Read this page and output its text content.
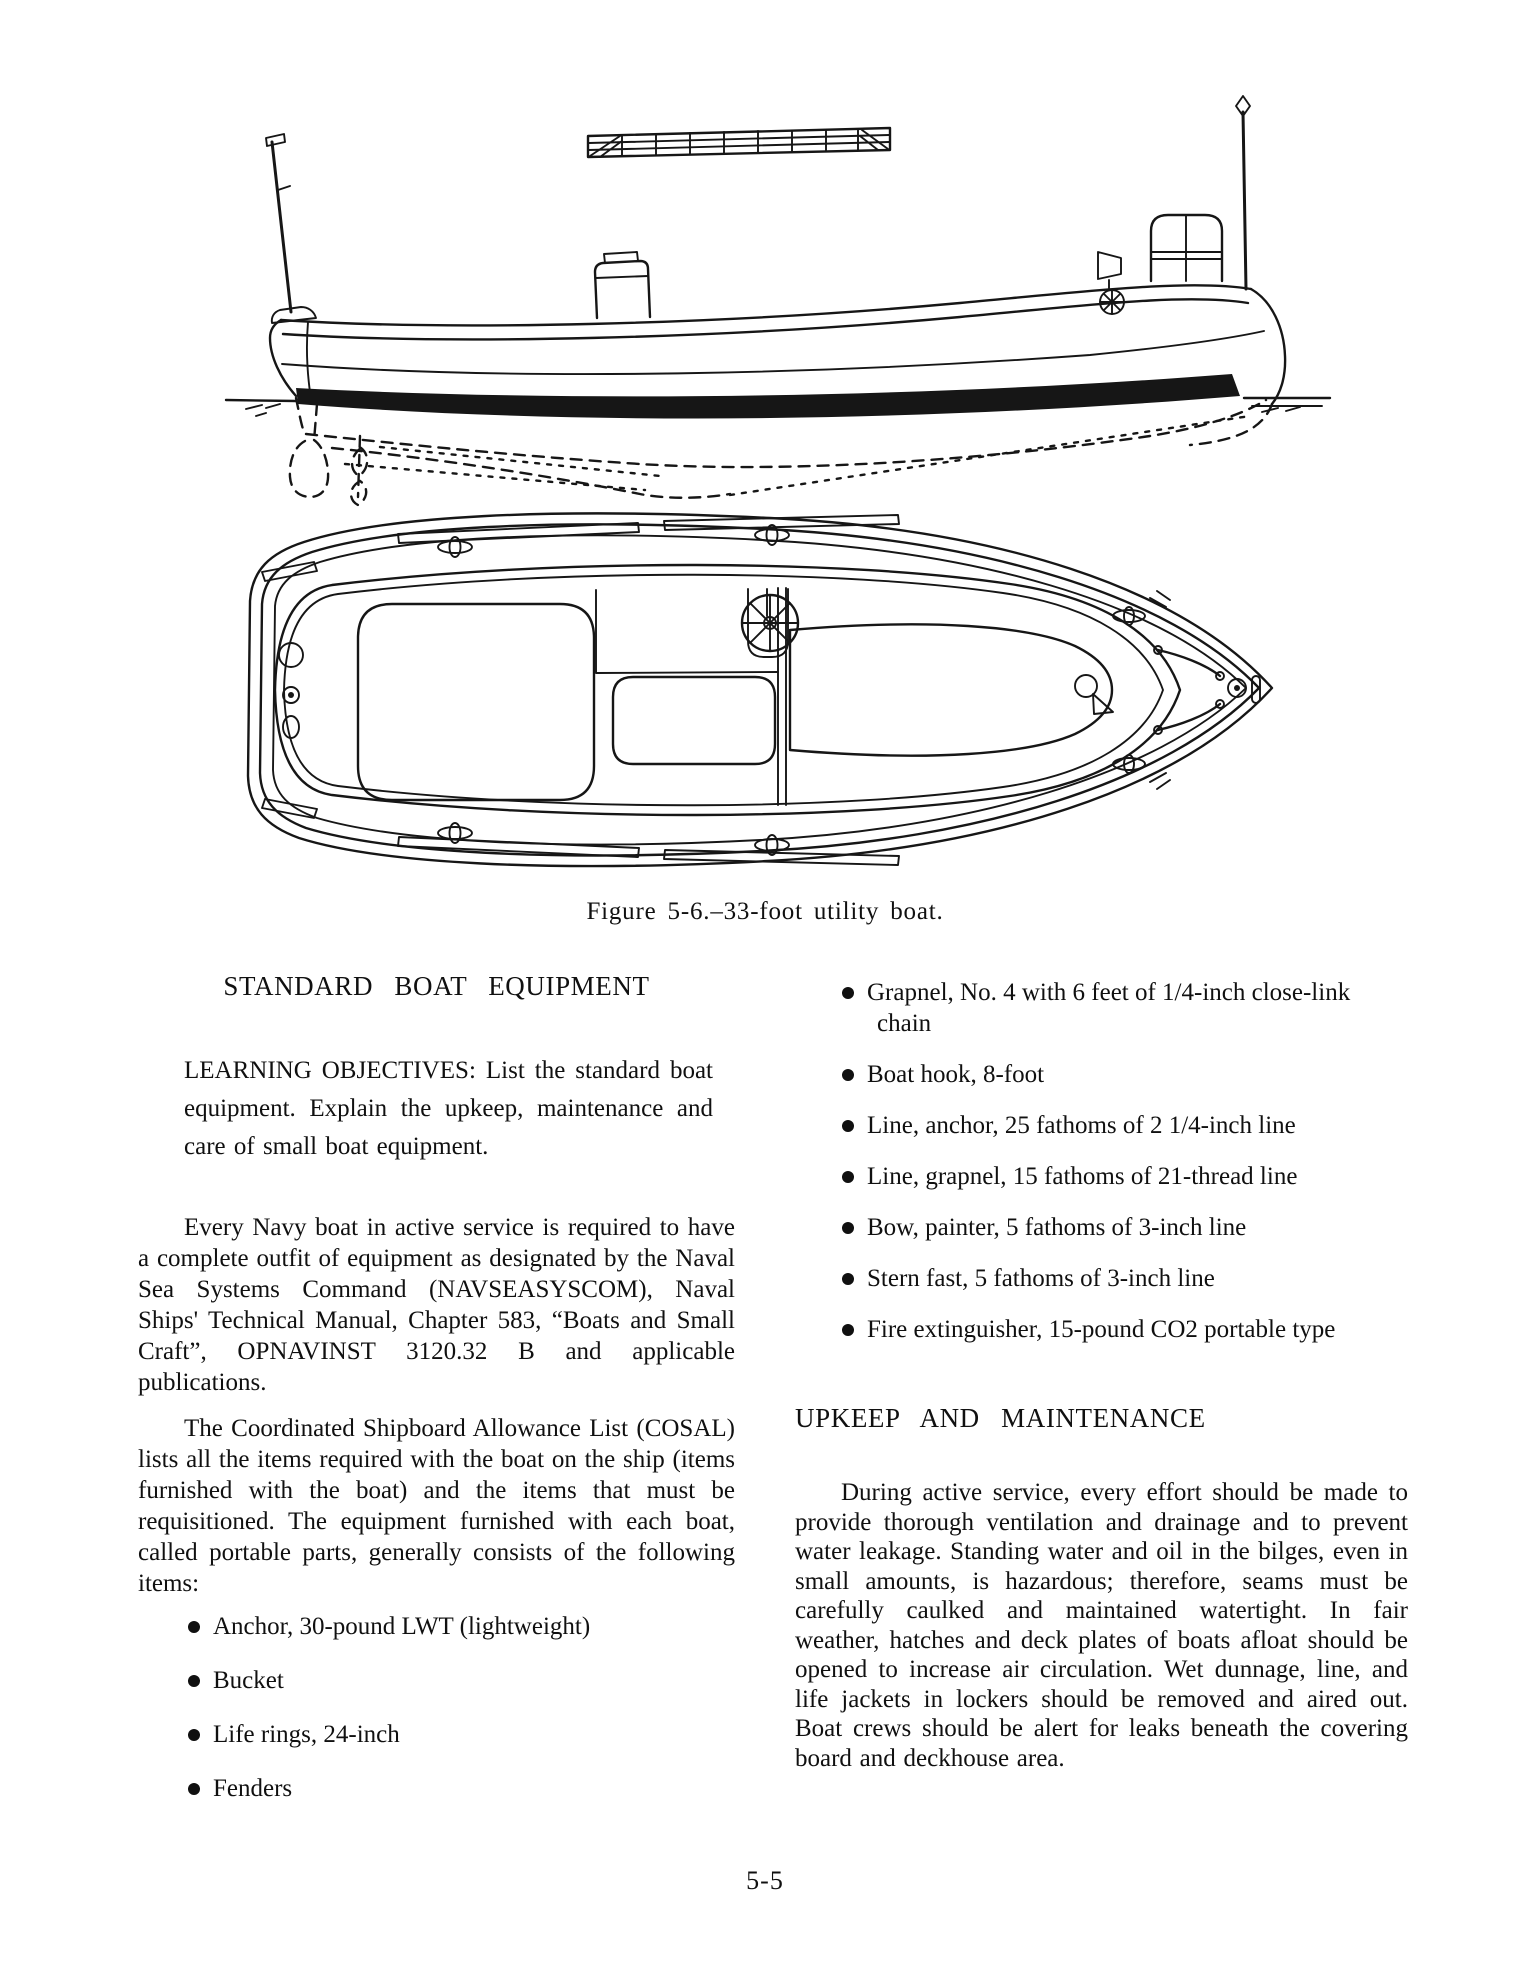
Figure 5-6.–33-foot utility boat.
STANDARD BOAT EQUIPMENT

LEARNING OBJECTIVES: List the standard boat equipment. Explain the upkeep, maintenance and care of small boat equipment.

Every Navy boat in active service is required to have a complete outfit of equipment as designated by the Naval Sea Systems Command (NAVSEASYSCOM), Naval Ships' Technical Manual, Chapter 583, “Boats and Small Craft”, OPNAVINST 3120.32 B and applicable publications.

The Coordinated Shipboard Allowance List (COSAL) lists all the items required with the boat on the ship (items furnished with the boat) and the items that must be requisitioned. The equipment furnished with each boat, called portable parts, generally consists of the following items:

Anchor, 30-pound LWT (lightweight)
Bucket
Life rings, 24-inch
Fenders
Grapnel, No. 4 with 6 feet of 1/4-inch close-link chain
Boat hook, 8-foot
Line, anchor, 25 fathoms of 2 1/4-inch line
Line, grapnel, 15 fathoms of 21-thread line
Bow, painter, 5 fathoms of 3-inch line
Stern fast, 5 fathoms of 3-inch line
Fire extinguisher, 15-pound CO2 portable type
UPKEEP AND MAINTENANCE

During active service, every effort should be made to provide thorough ventilation and drainage and to prevent water leakage. Standing water and oil in the bilges, even in small amounts, is hazardous; therefore, seams must be carefully caulked and maintained watertight. In fair weather, hatches and deck plates of boats afloat should be opened to increase air circulation. Wet dunnage, line, and life jackets in lockers should be removed and aired out. Boat crews should be alert for leaks beneath the covering board and deckhouse area.

5-5
